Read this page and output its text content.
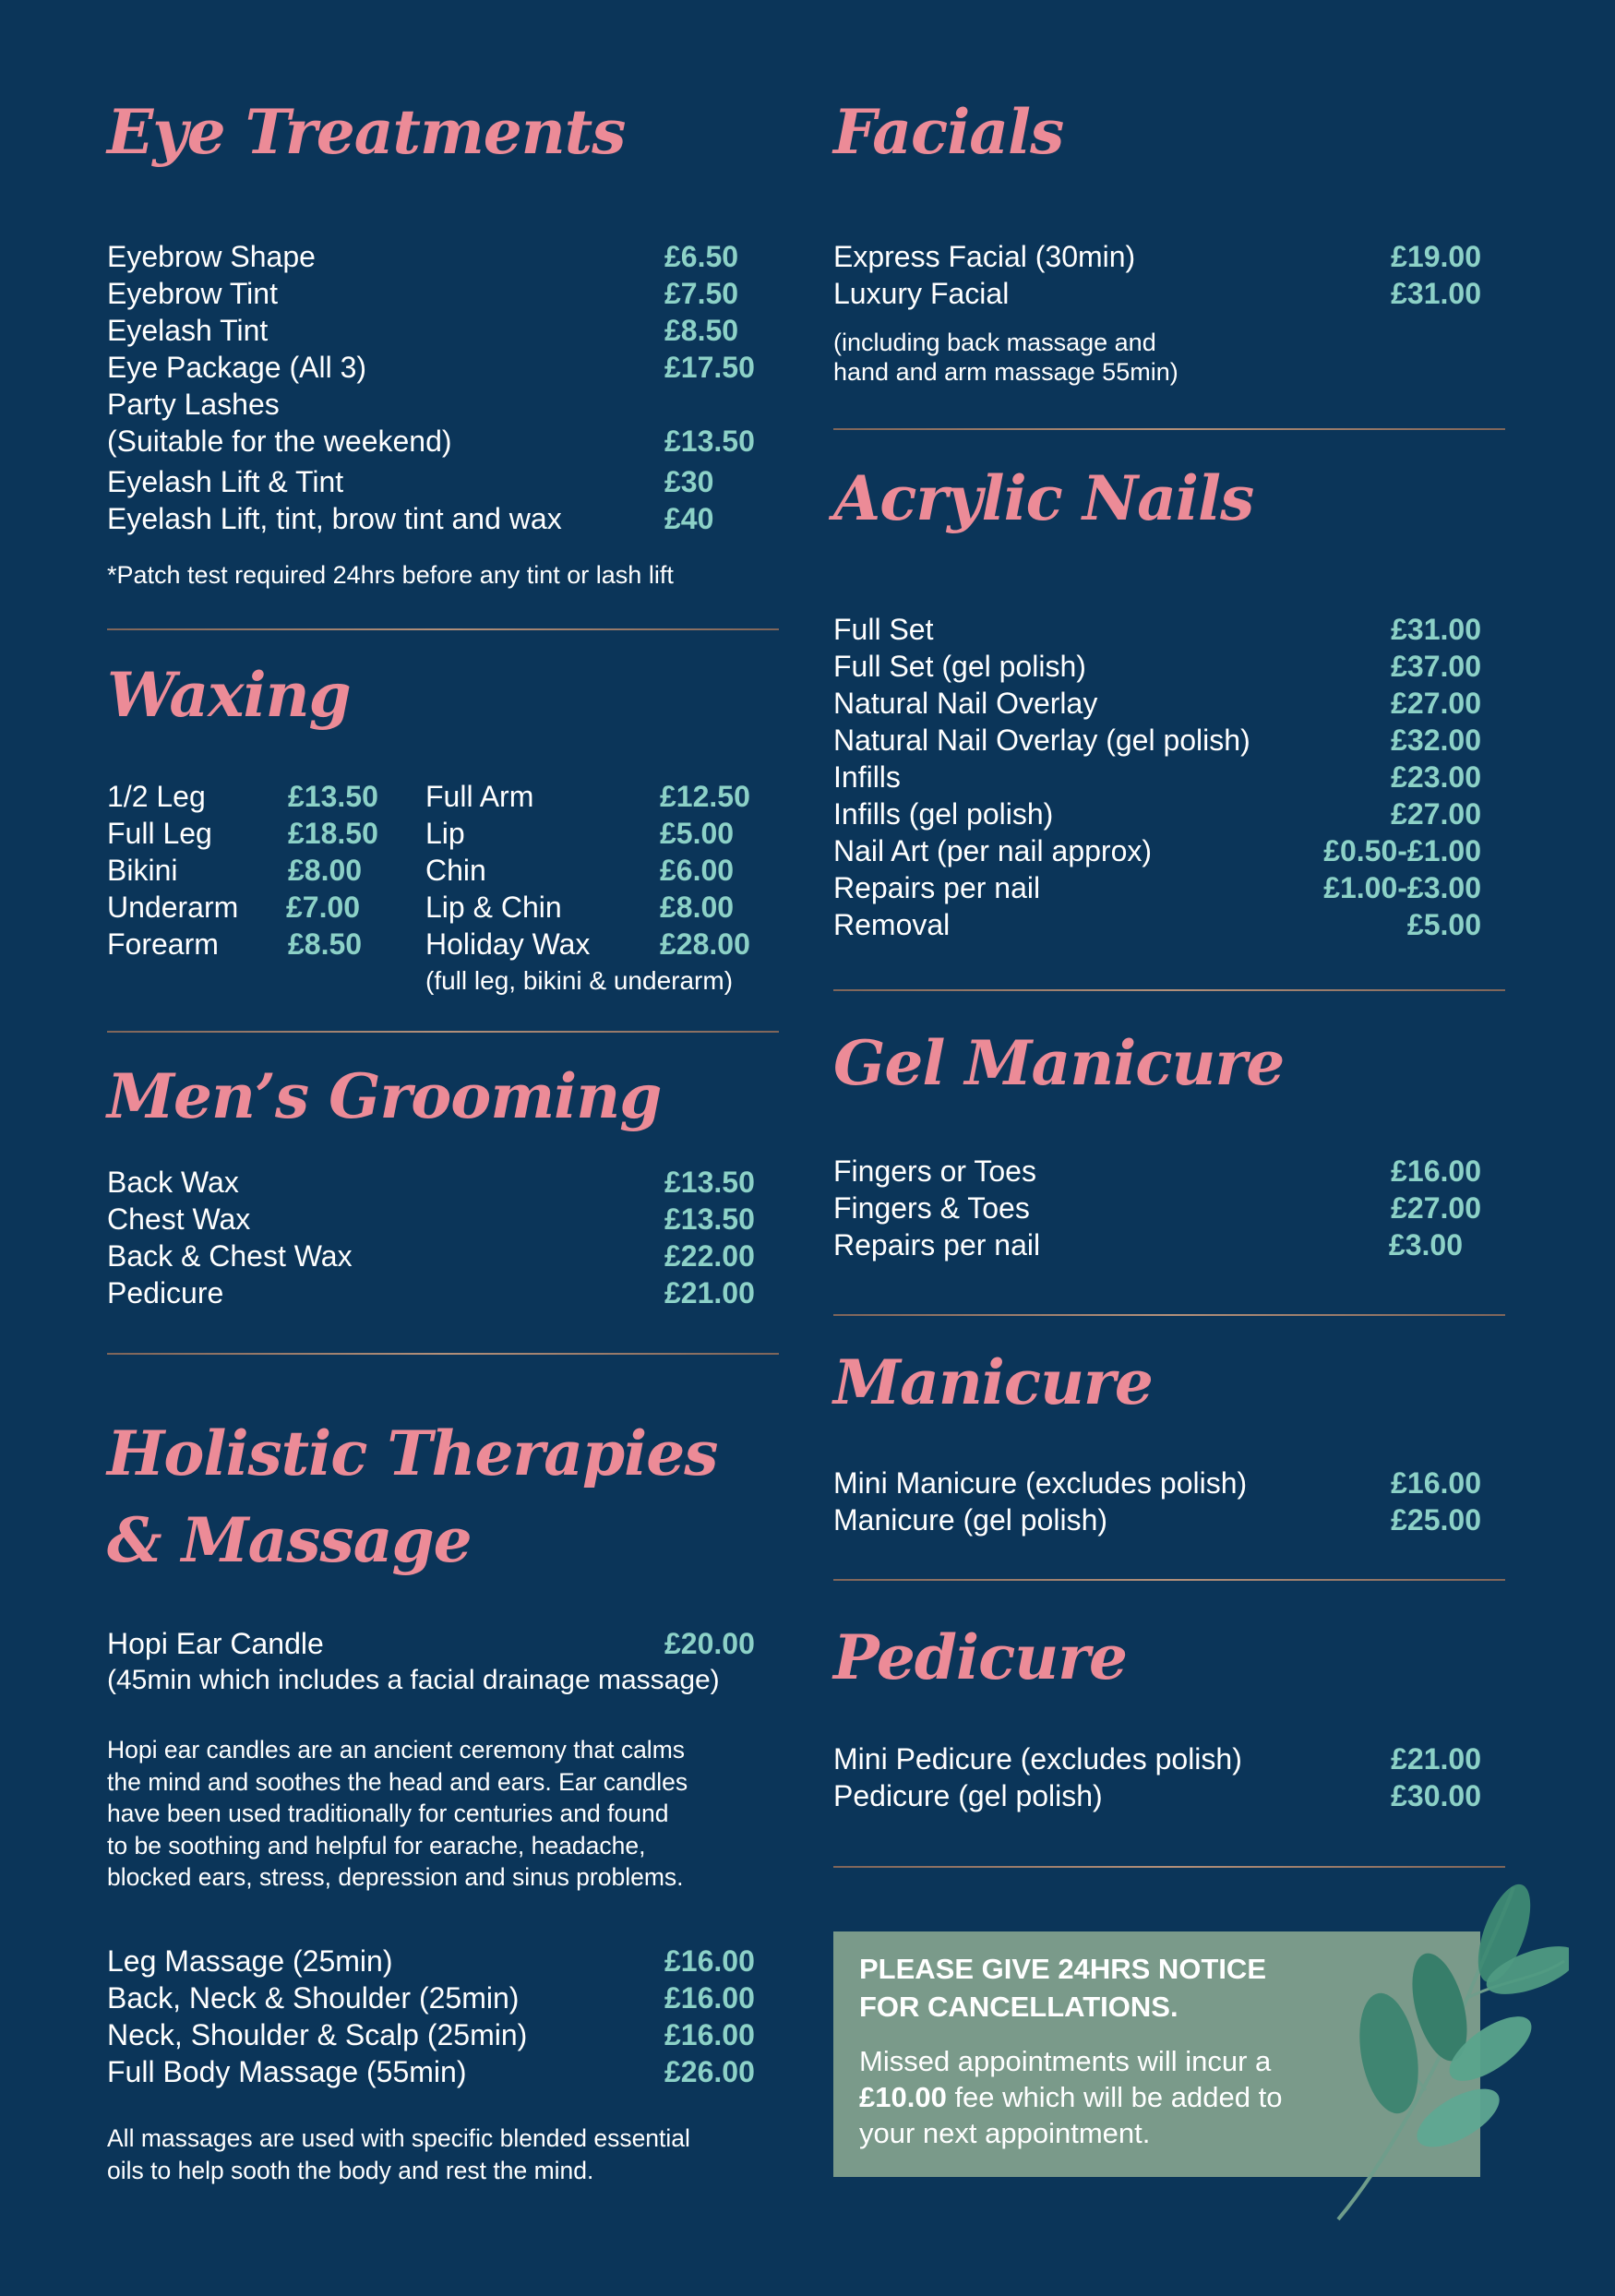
Eye Treatments
Eyebrow Shape	£6.50
Eyebrow Tint	£7.50
Eyelash Tint	£8.50
Eye Package (All 3)	£17.50
Party Lashes
(Suitable for the weekend)	£13.50
Eyelash Lift & Tint	£30
Eyelash Lift, tint, brow tint and wax	£40
*Patch test required 24hrs before any tint or lash lift
Waxing
1/2 Leg	£13.50
Full Leg	£18.50
Bikini	£8.00
Underarm	£7.00
Forearm	£8.50
Full Arm	£12.50
Lip	£5.00
Chin	£6.00
Lip & Chin	£8.00
Holiday Wax	£28.00
(full leg, bikini & underarm)
Men’s Grooming
Back Wax	£13.50
Chest Wax	£13.50
Back & Chest Wax	£22.00
Pedicure	£21.00
Holistic Therapies
& Massage
Hopi Ear Candle	£20.00
(45min which includes a facial drainage massage)
Hopi ear candles are an ancient ceremony that calms
the mind and soothes the head and ears. Ear candles
have been used traditionally for centuries and found
to be soothing and helpful for earache, headache,
blocked ears, stress, depression and sinus problems.
Leg Massage (25min)	£16.00
Back, Neck & Shoulder (25min)	£16.00
Neck, Shoulder & Scalp (25min)	£16.00
Full Body Massage (55min)	£26.00
All massages are used with specific blended essential
oils to help sooth the body and rest the mind.
Facials
Express Facial (30min)	£19.00
Luxury Facial	£31.00
(including back massage and
hand and arm massage 55min)
Acrylic Nails
Full Set	£31.00
Full Set (gel polish)	£37.00
Natural Nail Overlay	£27.00
Natural Nail Overlay (gel polish)	£32.00
Infills	£23.00
Infills (gel polish)	£27.00
Nail Art (per nail approx)	£0.50-£1.00
Repairs per nail	£1.00-£3.00
Removal	£5.00
Gel Manicure
Fingers or Toes	£16.00
Fingers & Toes	£27.00
Repairs per nail	£3.00
Manicure
Mini Manicure (excludes polish)	£16.00
Manicure (gel polish)	£25.00
Pedicure
Mini Pedicure (excludes polish)	£21.00
Pedicure (gel polish)	£30.00
PLEASE GIVE 24HRS NOTICE
FOR CANCELLATIONS.
Missed appointments will incur a
£10.00 fee which will be added to
your next appointment.
